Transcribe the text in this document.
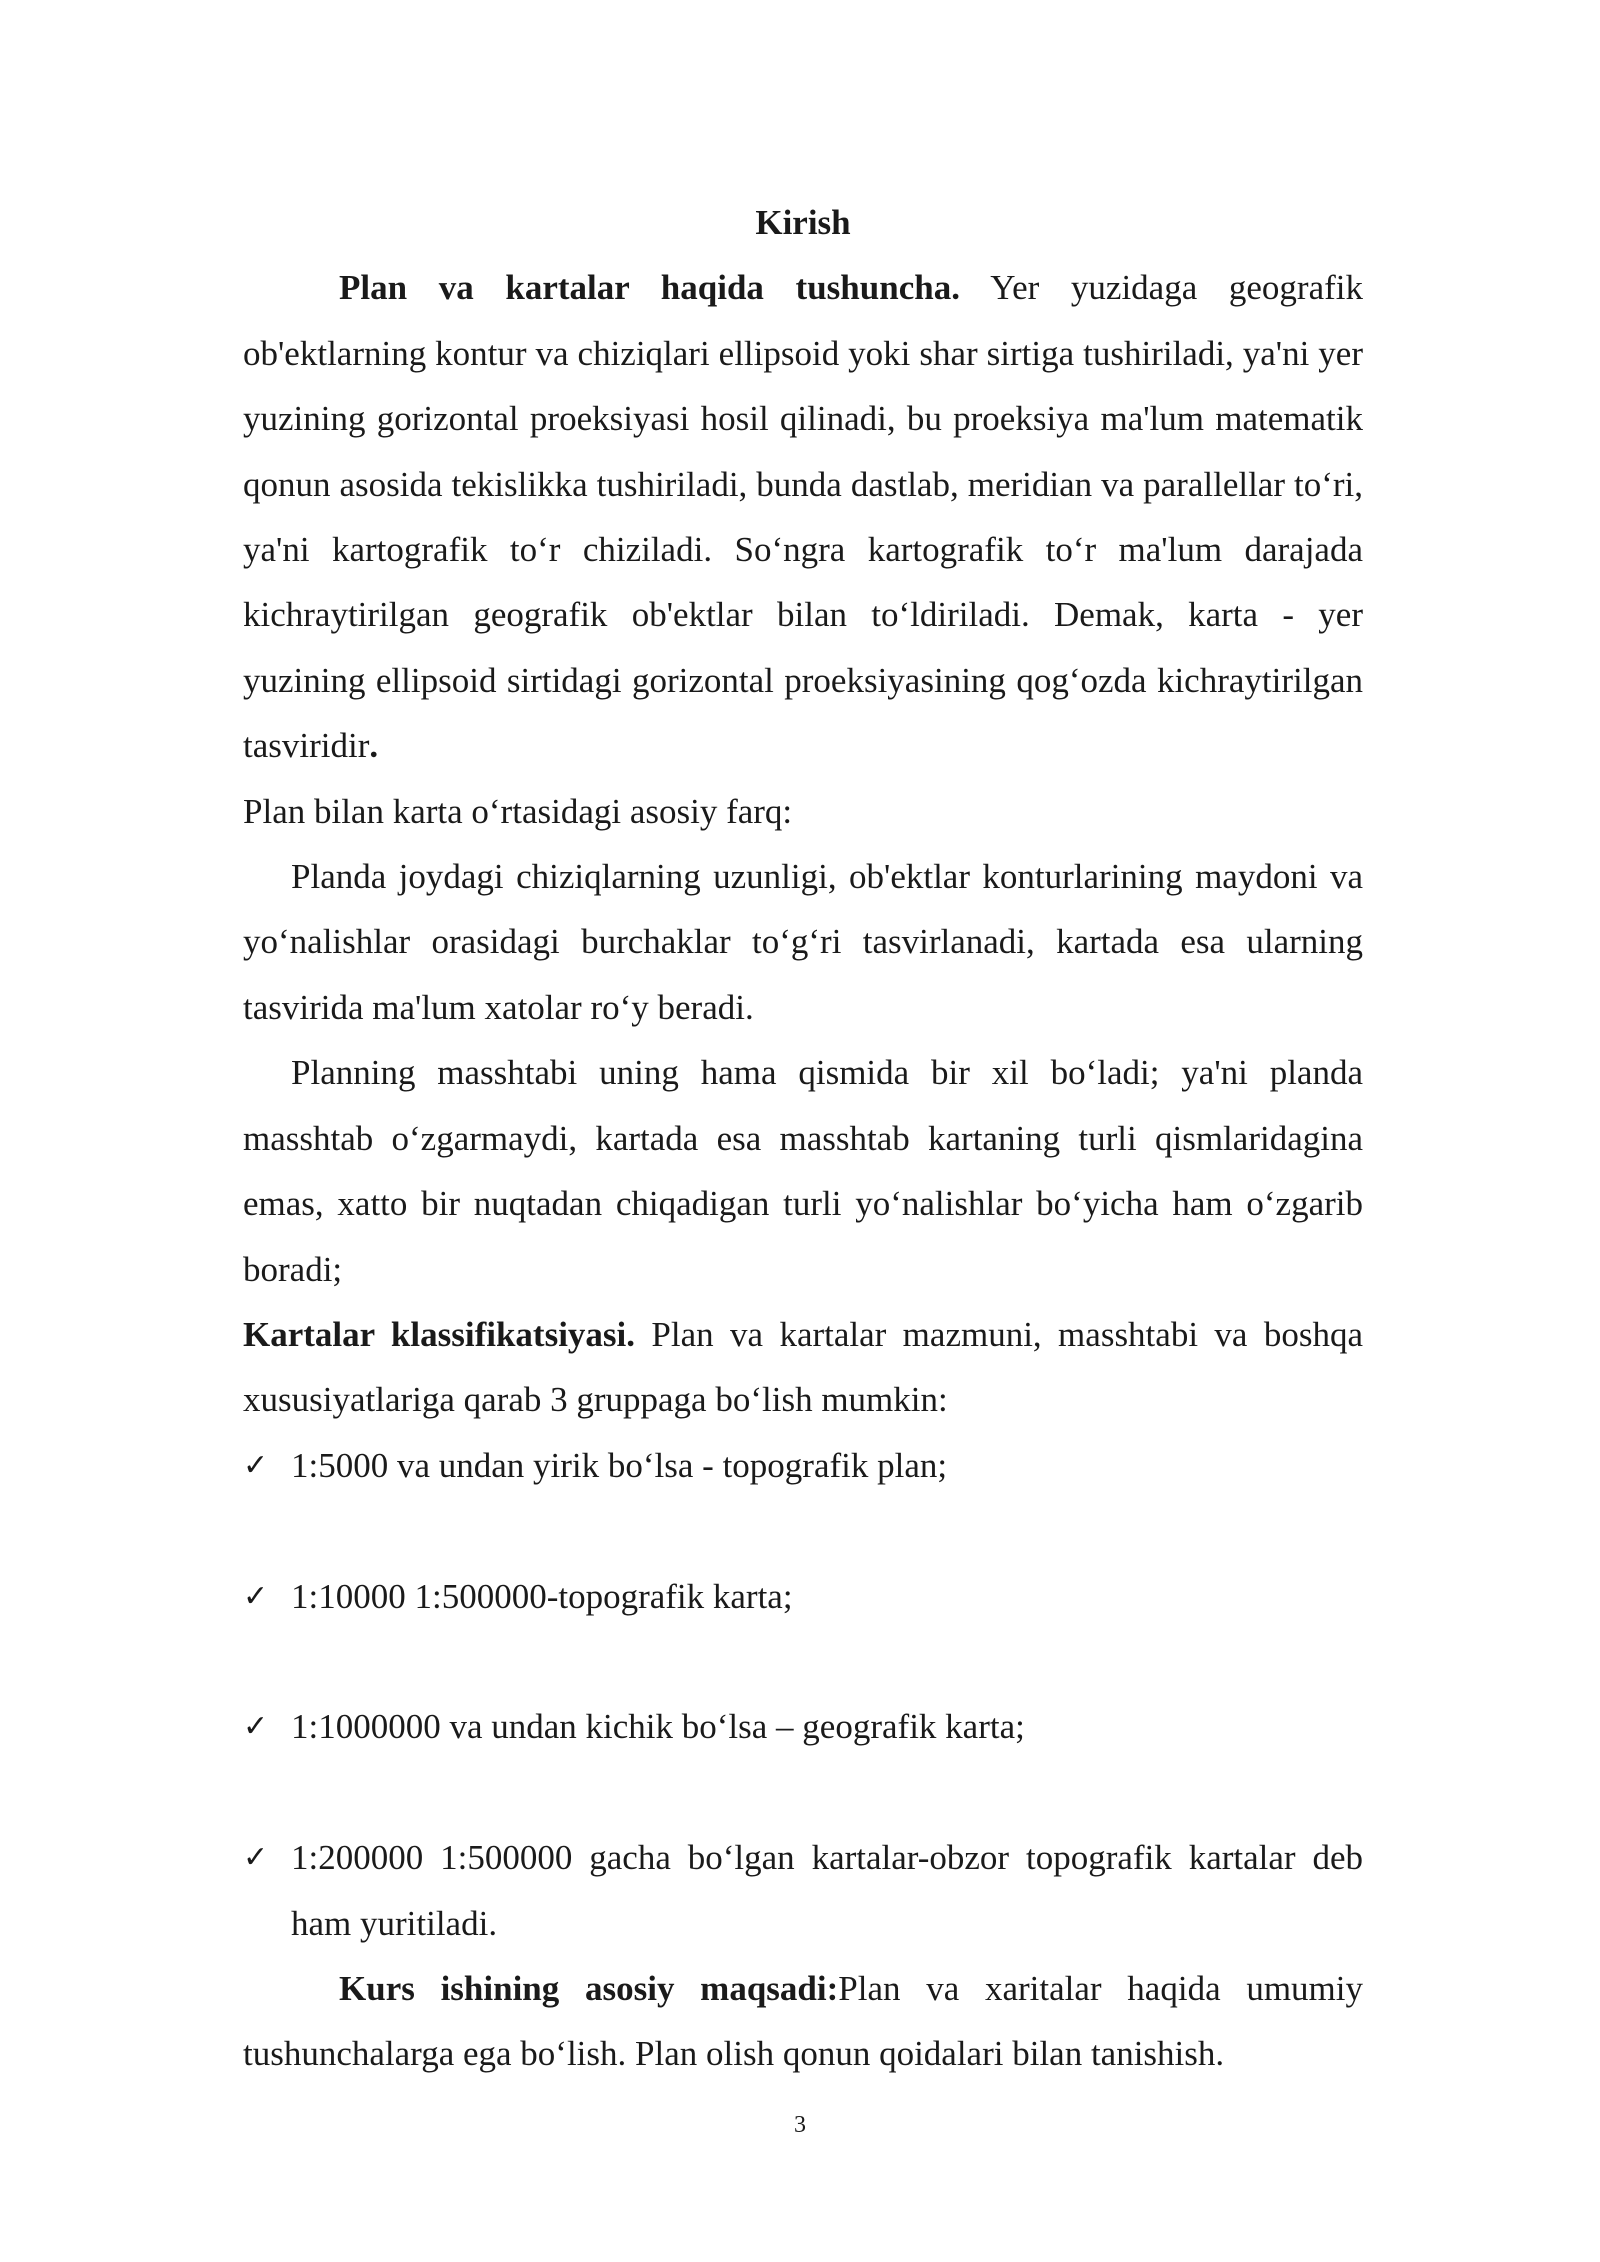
Kirish

Plan va kartalar haqida tushuncha. Yer yuzidaga geografik ob'ektlarning kontur va chiziqlari ellipsoid yoki shar sirtiga tushiriladi, ya'ni yer yuzining gorizontal proeksiyasi hosil qilinadi, bu proeksiya ma'lum matematik qonun asosida tekislikka tushiriladi, bunda dastlab, meridian va parallellar to‘ri, ya'ni kartografik to‘r chiziladi. So‘ngra kartografik to‘r ma'lum darajada kichraytirilgan geografik ob'ektlar bilan to‘ldiriladi. Demak, karta - yer yuzining ellipsoid sirtidagi gorizontal proeksiyasining qog‘ozda kichraytirilgan tasviridir.

Plan bilan karta o‘rtasidagi asosiy farq:

Planda joydagi chiziqlarning uzunligi, ob'ektlar konturlarining maydoni va yo‘nalishlar orasidagi burchaklar to‘g‘ri tasvirlanadi, kartada esa ularning tasvirida ma'lum xatolar ro‘y beradi.

Planning masshtabi uning hama qismida bir xil bo‘ladi; ya'ni planda masshtab o‘zgarmaydi, kartada esa masshtab kartaning turli qismlaridagina emas, xatto bir nuqtadan chiqadigan turli yo‘nalishlar bo‘yicha ham o‘zgarib boradi;

Kartalar klassifikatsiyasi. Plan va kartalar mazmuni, masshtabi va boshqa xususiyatlariga qarab 3 gruppaga bo‘lish mumkin:

✓ 1:5000 va undan yirik bo‘lsa - topografik plan;
✓ 1:10000 1:500000-topografik karta;
✓ 1:1000000 va undan kichik bo‘lsa – geografik karta;
✓ 1:200000 1:500000 gacha bo‘lgan kartalar-obzor topografik kartalar deb ham yuritiladi.

Kurs ishining asosiy maqsadi:Plan va xaritalar haqida umumiy tushunchalarga ega bo‘lish. Plan olish qonun qoidalari bilan tanishish.

3
